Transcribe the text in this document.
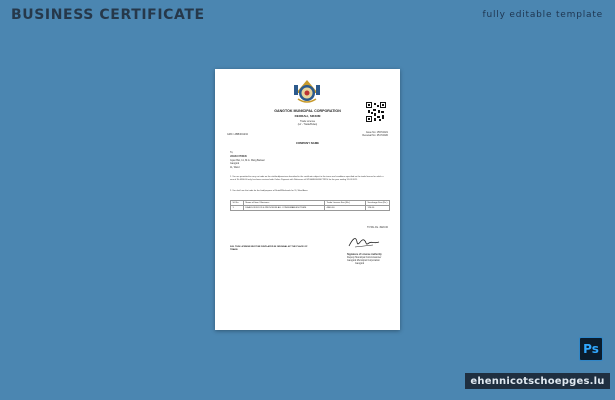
BUSINESS CERTIFICATE	fully editable template
GANGTOK MUNICIPAL CORPORATION
DEORALI, SIKKIM
Trade License
(u/r - Trade/Rules)
GMC / ABB/001234
Issue No: 1597/2021
Renewal No: 2517/2020
COMPANY NAME
To,
JOHN CITIZEN
Gyan Bar, 11, M.G. Marg Bazaar
Gangtok
11, Ward
1. You are permitted to carry on trade on the site/land/premises described in the certificate subject to the terms and conditions specified on the trade license for which a sum of Rs 4800.00 only has been received vide Online Payment with Reference id SPGM4000/GMCTRDV for the year ending 31.03.2021.
2. You shall use the trade for the kind/purpose of Retail/Wholesale for 11, Ward Area.
Sl. No	Name of Item / Business	Trade License Fee (Rs.)	Surcharge Fee (Rs.)
1	DEALS IN FOOD & PROVISION ALL CONSUMABLES ITEMS	4800.00	120.00
TOTAL Rs. 4920.00
N.B. THIS LICENSE MUST BE DISPLAYED IN ORIGINAL AT THE PLACE OF TRADE.
Signature of License Authority
Deputy Municipal Commissioner
Gangtok Municipal Corporation
Gangtok
Ps
ehennicotschoepges.lu
